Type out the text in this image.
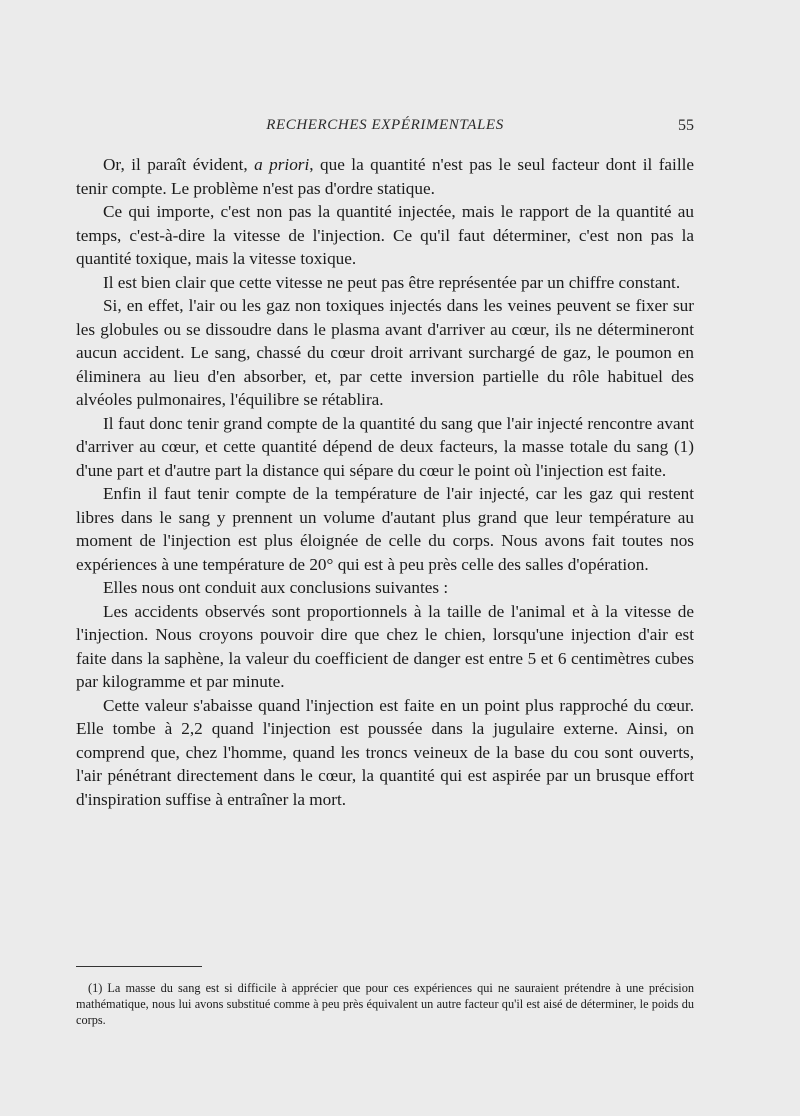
RECHERCHES EXPÉRIMENTALES	55

Or, il paraît évident, a priori, que la quantité n'est pas le seul facteur dont il faille tenir compte. Le problème n'est pas d'ordre statique.

Ce qui importe, c'est non pas la quantité injectée, mais le rapport de la quantité au temps, c'est-à-dire la vitesse de l'injection. Ce qu'il faut déterminer, c'est non pas la quantité toxique, mais la vitesse toxique.

Il est bien clair que cette vitesse ne peut pas être représentée par un chiffre constant.

Si, en effet, l'air ou les gaz non toxiques injectés dans les veines peuvent se fixer sur les globules ou se dissoudre dans le plasma avant d'arriver au cœur, ils ne détermineront aucun accident. Le sang, chassé du cœur droit arrivant surchargé de gaz, le poumon en éliminera au lieu d'en absorber, et, par cette inversion partielle du rôle habituel des alvéoles pulmonaires, l'équilibre se rétablira.

Il faut donc tenir grand compte de la quantité du sang que l'air injecté rencontre avant d'arriver au cœur, et cette quantité dépend de deux facteurs, la masse totale du sang (1) d'une part et d'autre part la distance qui sépare du cœur le point où l'injection est faite.

Enfin il faut tenir compte de la température de l'air injecté, car les gaz qui restent libres dans le sang y prennent un volume d'autant plus grand que leur température au moment de l'injection est plus éloignée de celle du corps. Nous avons fait toutes nos expériences à une température de 20° qui est à peu près celle des salles d'opération.

Elles nous ont conduit aux conclusions suivantes :

Les accidents observés sont proportionnels à la taille de l'animal et à la vitesse de l'injection. Nous croyons pouvoir dire que chez le chien, lorsqu'une injection d'air est faite dans la saphène, la valeur du coefficient de danger est entre 5 et 6 centimètres cubes par kilogramme et par minute.

Cette valeur s'abaisse quand l'injection est faite en un point plus rapproché du cœur. Elle tombe à 2,2 quand l'injection est poussée dans la jugulaire externe. Ainsi, on comprend que, chez l'homme, quand les troncs veineux de la base du cou sont ouverts, l'air pénétrant directement dans le cœur, la quantité qui est aspirée par un brusque effort d'inspiration suffise à entraîner la mort.

(1) La masse du sang est si difficile à apprécier que pour ces expériences qui ne sauraient prétendre à une précision mathématique, nous lui avons substitué comme à peu près équivalent un autre facteur qu'il est aisé de déterminer, le poids du corps.
